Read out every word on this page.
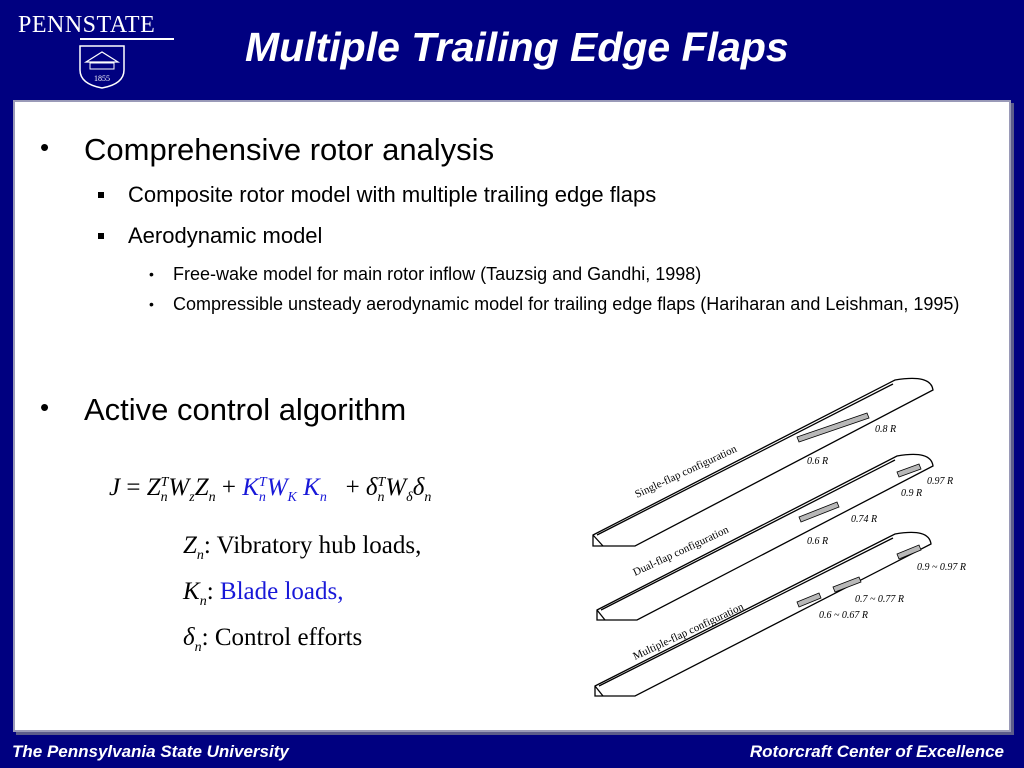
PENNSTATE
1855
Multiple Trailing Edge Flaps
• Comprehensive rotor analysis
Composite rotor model with multiple trailing edge flaps
Aerodynamic model
• Free-wake model for main rotor inflow (Tauzsig and Gandhi, 1998)
• Compressible unsteady aerodynamic model for trailing edge flaps (Hariharan and Leishman, 1995)
• Active control algorithm
$J = Z_n^TW_zZ_n + K_n^TW_K$ $K_n + \delta_n^TW_\delta\delta_n$
$Z_n$: Vibratory hub loads,
$K_n$: Blade loads,
$\delta_n$: Control efforts
0.8 R
0.6 R
Single-flap configuration	0.97 R
0.9 R
0.74 R
0.6 R
Dual-flap configuration	0.9 ~ 0.97 R
0.7 ~ 0.77 R
0.6 ~ 0.67 R
Multiple-flap configuration
The Pennsylvania State University	Rotorcraft Center of Excellence
